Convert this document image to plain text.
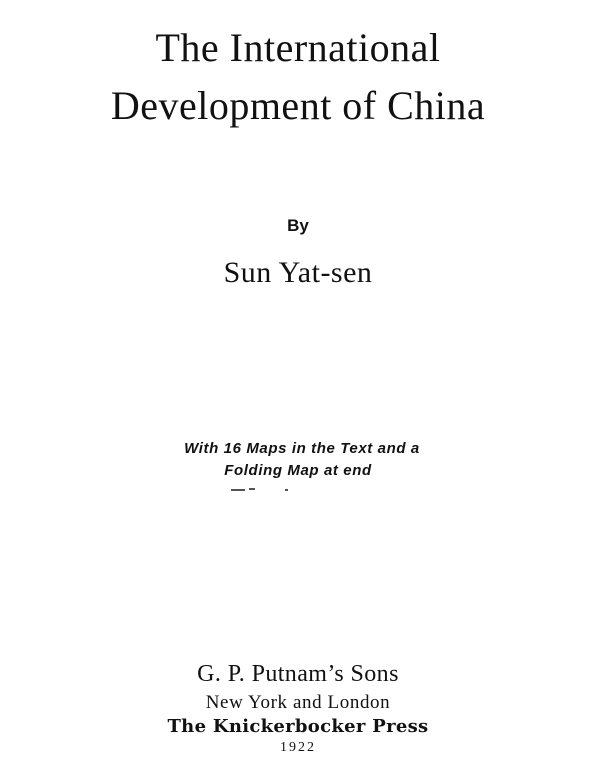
The International
Development of China
By
Sun Yat-sen
With 16 Maps in the Text and a
Folding Map at end
G. P. Putnam’s Sons
New York and London
The Knickerbocker Press
1922
